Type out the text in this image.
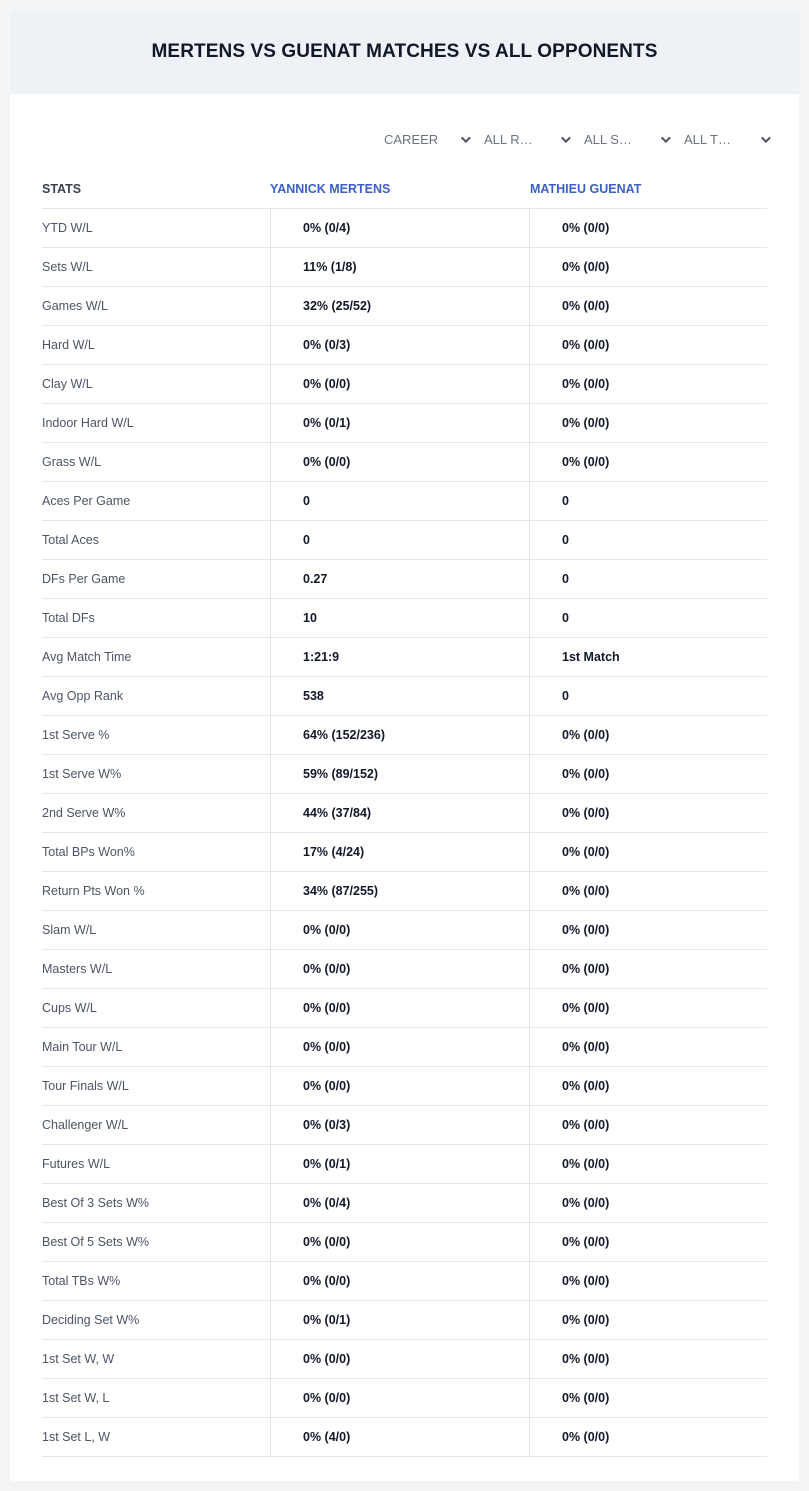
MERTENS VS GUENAT MATCHES VS ALL OPPONENTS
CAREER	ALL R…	ALL S…	ALL T…
STATS	YANNICK MERTENS	MATHIEU GUENAT
YTD W/L	0% (0/4)	0% (0/0)
Sets W/L	11% (1/8)	0% (0/0)
Games W/L	32% (25/52)	0% (0/0)
Hard W/L	0% (0/3)	0% (0/0)
Clay W/L	0% (0/0)	0% (0/0)
Indoor Hard W/L	0% (0/1)	0% (0/0)
Grass W/L	0% (0/0)	0% (0/0)
Aces Per Game	0	0
Total Aces	0	0
DFs Per Game	0.27	0
Total DFs	10	0
Avg Match Time	1:21:9	1st Match
Avg Opp Rank	538	0
1st Serve %	64% (152/236)	0% (0/0)
1st Serve W%	59% (89/152)	0% (0/0)
2nd Serve W%	44% (37/84)	0% (0/0)
Total BPs Won%	17% (4/24)	0% (0/0)
Return Pts Won %	34% (87/255)	0% (0/0)
Slam W/L	0% (0/0)	0% (0/0)
Masters W/L	0% (0/0)	0% (0/0)
Cups W/L	0% (0/0)	0% (0/0)
Main Tour W/L	0% (0/0)	0% (0/0)
Tour Finals W/L	0% (0/0)	0% (0/0)
Challenger W/L	0% (0/3)	0% (0/0)
Futures W/L	0% (0/1)	0% (0/0)
Best Of 3 Sets W%	0% (0/4)	0% (0/0)
Best Of 5 Sets W%	0% (0/0)	0% (0/0)
Total TBs W%	0% (0/0)	0% (0/0)
Deciding Set W%	0% (0/1)	0% (0/0)
1st Set W, W	0% (0/0)	0% (0/0)
1st Set W, L	0% (0/0)	0% (0/0)
1st Set L, W	0% (4/0)	0% (0/0)
